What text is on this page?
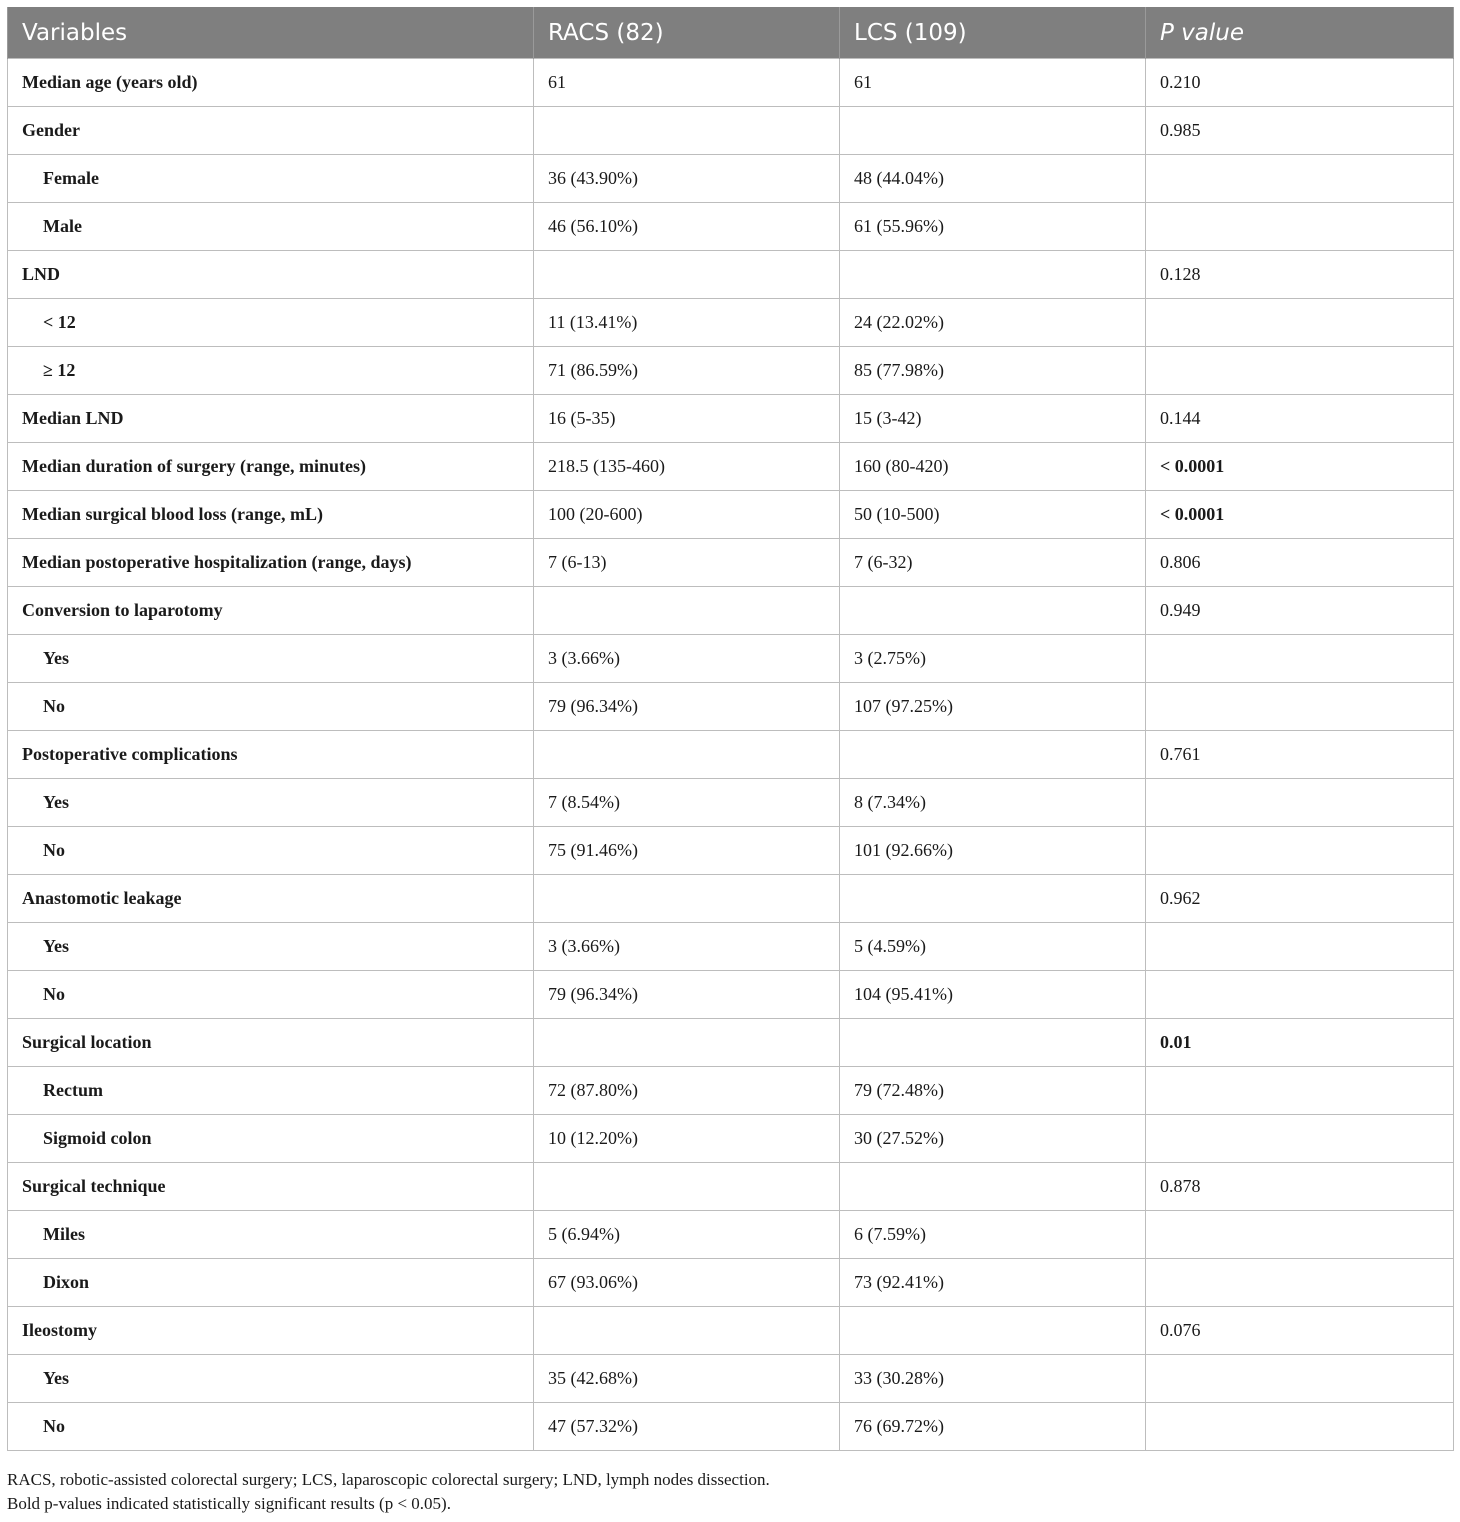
Variables	RACS (82)	LCS (109)	P value
Median age (years old)	61	61	0.210
Gender			0.985
Female	36 (43.90%)	48 (44.04%)	
Male	46 (56.10%)	61 (55.96%)	
LND			0.128
< 12	11 (13.41%)	24 (22.02%)	
≥ 12	71 (86.59%)	85 (77.98%)	
Median LND	16 (5-35)	15 (3-42)	0.144
Median duration of surgery (range, minutes)	218.5 (135-460)	160 (80-420)	< 0.0001
Median surgical blood loss (range, mL)	100 (20-600)	50 (10-500)	< 0.0001
Median postoperative hospitalization (range, days)	7 (6-13)	7 (6-32)	0.806
Conversion to laparotomy			0.949
Yes	3 (3.66%)	3 (2.75%)	
No	79 (96.34%)	107 (97.25%)	
Postoperative complications			0.761
Yes	7 (8.54%)	8 (7.34%)	
No	75 (91.46%)	101 (92.66%)	
Anastomotic leakage			0.962
Yes	3 (3.66%)	5 (4.59%)	
No	79 (96.34%)	104 (95.41%)	
Surgical location			0.01
Rectum	72 (87.80%)	79 (72.48%)	
Sigmoid colon	10 (12.20%)	30 (27.52%)	
Surgical technique			0.878
Miles	5 (6.94%)	6 (7.59%)	
Dixon	67 (93.06%)	73 (92.41%)	
Ileostomy			0.076
Yes	35 (42.68%)	33 (30.28%)	
No	47 (57.32%)	76 (69.72%)	
RACS, robotic-assisted colorectal surgery; LCS, laparoscopic colorectal surgery; LND, lymph nodes dissection.
Bold p-values indicated statistically significant results (p < 0.05).
